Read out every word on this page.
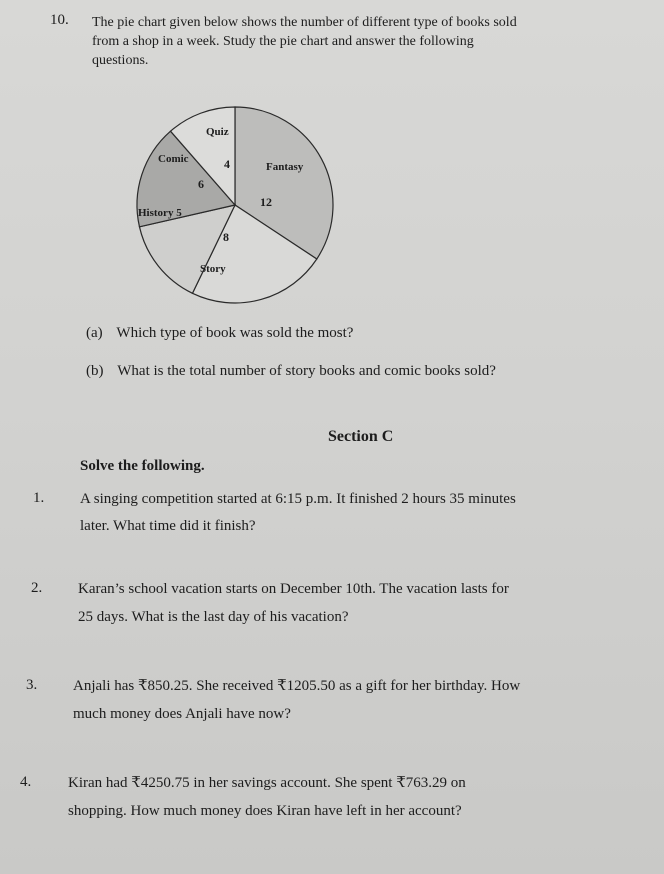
10. The pie chart given below shows the number of different type of books sold
from a shop in a week. Study the pie chart and answer the following
questions.
Quiz
4
Comic
6
Fantasy
12
History 5
8
Story
(a) Which type of book was sold the most?
(b) What is the total number of story books and comic books sold?
Section C
Solve the following.
1. A singing competition started at 6:15 p.m. It finished 2 hours 35 minutes
later. What time did it finish?
2. Karan’s school vacation starts on December 10th. The vacation lasts for
25 days. What is the last day of his vacation?
3. Anjali has ₹850.25. She received ₹1205.50 as a gift for her birthday. How
much money does Anjali have now?
4. Kiran had ₹4250.75 in her savings account. She spent ₹763.29 on
shopping. How much money does Kiran have left in her account?
